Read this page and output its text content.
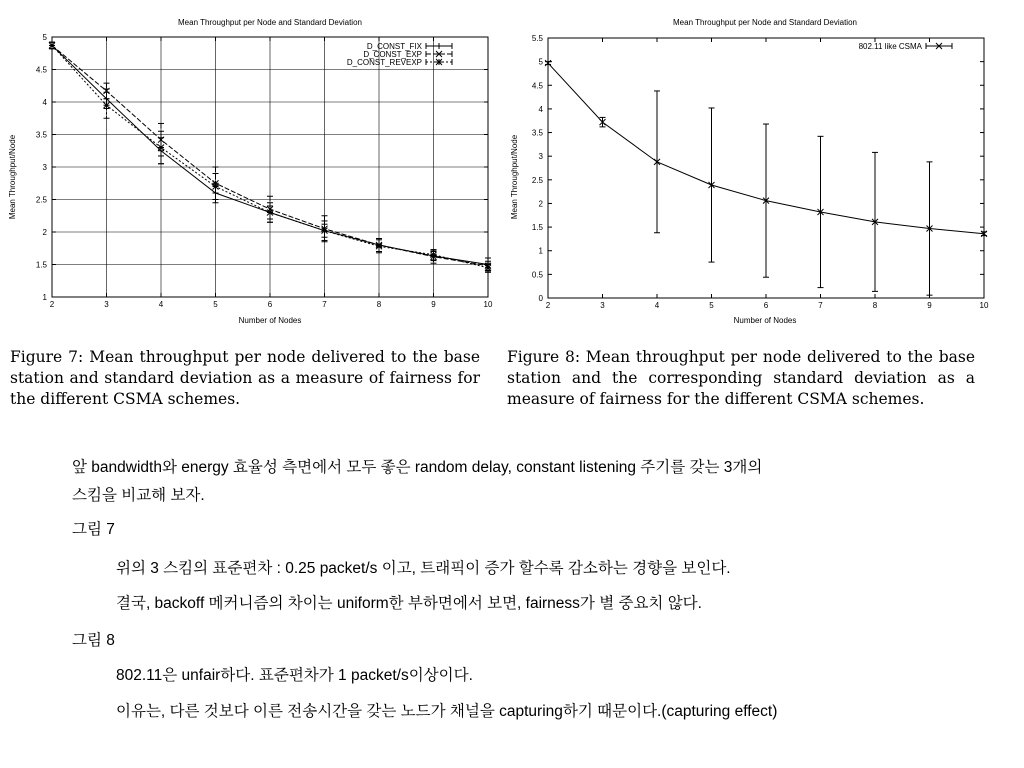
Mean Throughput per Node and Standard Deviation
Number of Nodes
Mean Throughput/Node
2	3	4	5	6	7	8	9	10
1
1.5
2
2.5
3
3.5
4
4.5
5
D_CONST_FIX
D_CONST_EXP
D_CONST_REVEXP
Mean Throughput per Node and Standard Deviation
Number of Nodes
Mean Throughput/Node
2	3	4	5	6	7	8	9	10
0
0.5
1
1.5
2
2.5
3
3.5
4
4.5
5
5.5
802.11 like CSMA

Figure 7: Mean throughput per node delivered to the base station and standard deviation as a measure of fairness for the different CSMA schemes.

Figure 8: Mean throughput per node delivered to the base station and the corresponding standard deviation as a measure of fairness for the different CSMA schemes.

앞 bandwidth와 energy 효율성 측면에서 모두 좋은 random delay, constant listening 주기를 갖는 3개의
스킴을 비교해 보자.
그림 7
위의 3 스킴의 표준편차 : 0.25 packet/s 이고, 트래픽이 증가 할수록 감소하는 경향을 보인다.
결국, backoff 메커니즘의 차이는 uniform한 부하면에서 보면, fairness가 별 중요치 않다.
그림 8
802.11은 unfair하다. 표준편차가 1 packet/s이상이다.
이유는, 다른 것보다 이른 전송시간을 갖는 노드가 채널을 capturing하기 때문이다.(capturing effect)
